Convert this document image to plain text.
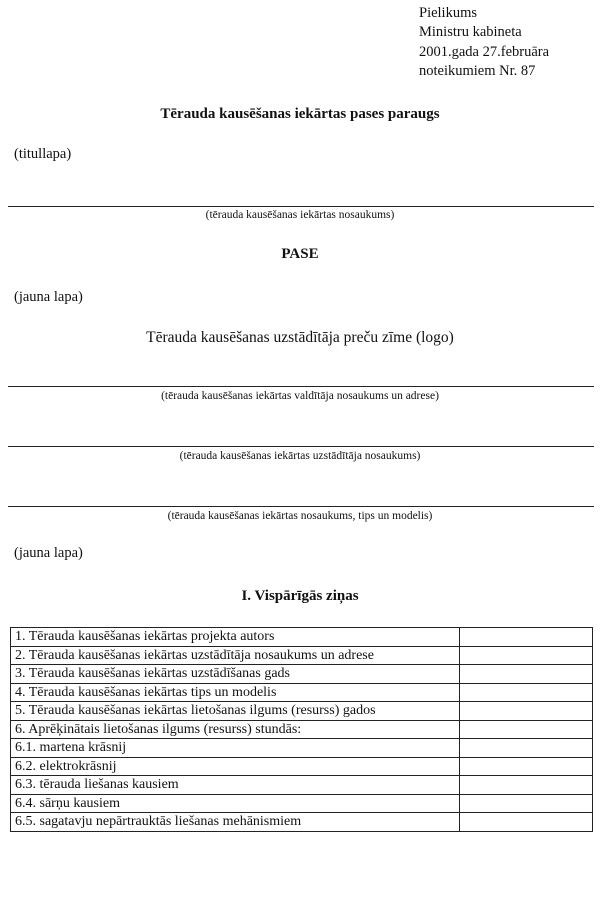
Pielikums
Ministru kabineta
2001.gada 27.februāra
noteikumiem Nr. 87
Tērauda kausēšanas iekārtas pases paraugs
(titullapa)
(tērauda kausēšanas iekārtas nosaukums)
PASE
(jauna lapa)
Tērauda kausēšanas uzstādītāja preču zīme (logo)
(tērauda kausēšanas iekārtas valdītāja nosaukums un adrese)
(tērauda kausēšanas iekārtas uzstādītāja nosaukums)
(tērauda kausēšanas iekārtas nosaukums, tips un modelis)
(jauna lapa)
I. Vispārīgās ziņas
1. Tērauda kausēšanas iekārtas projekta autors	
2. Tērauda kausēšanas iekārtas uzstādītāja nosaukums un adrese	
3. Tērauda kausēšanas iekārtas uzstādīšanas gads	
4. Tērauda kausēšanas iekārtas tips un modelis	
5. Tērauda kausēšanas iekārtas lietošanas ilgums (resurss) gados	
6. Aprēķinātais lietošanas ilgums (resurss) stundās:	
6.1. martena krāsnij	
6.2. elektrokrāsnij	
6.3. tērauda liešanas kausiem	
6.4. sārņu kausiem	
6.5. sagatavju nepārtrauktās liešanas mehānismiem	
